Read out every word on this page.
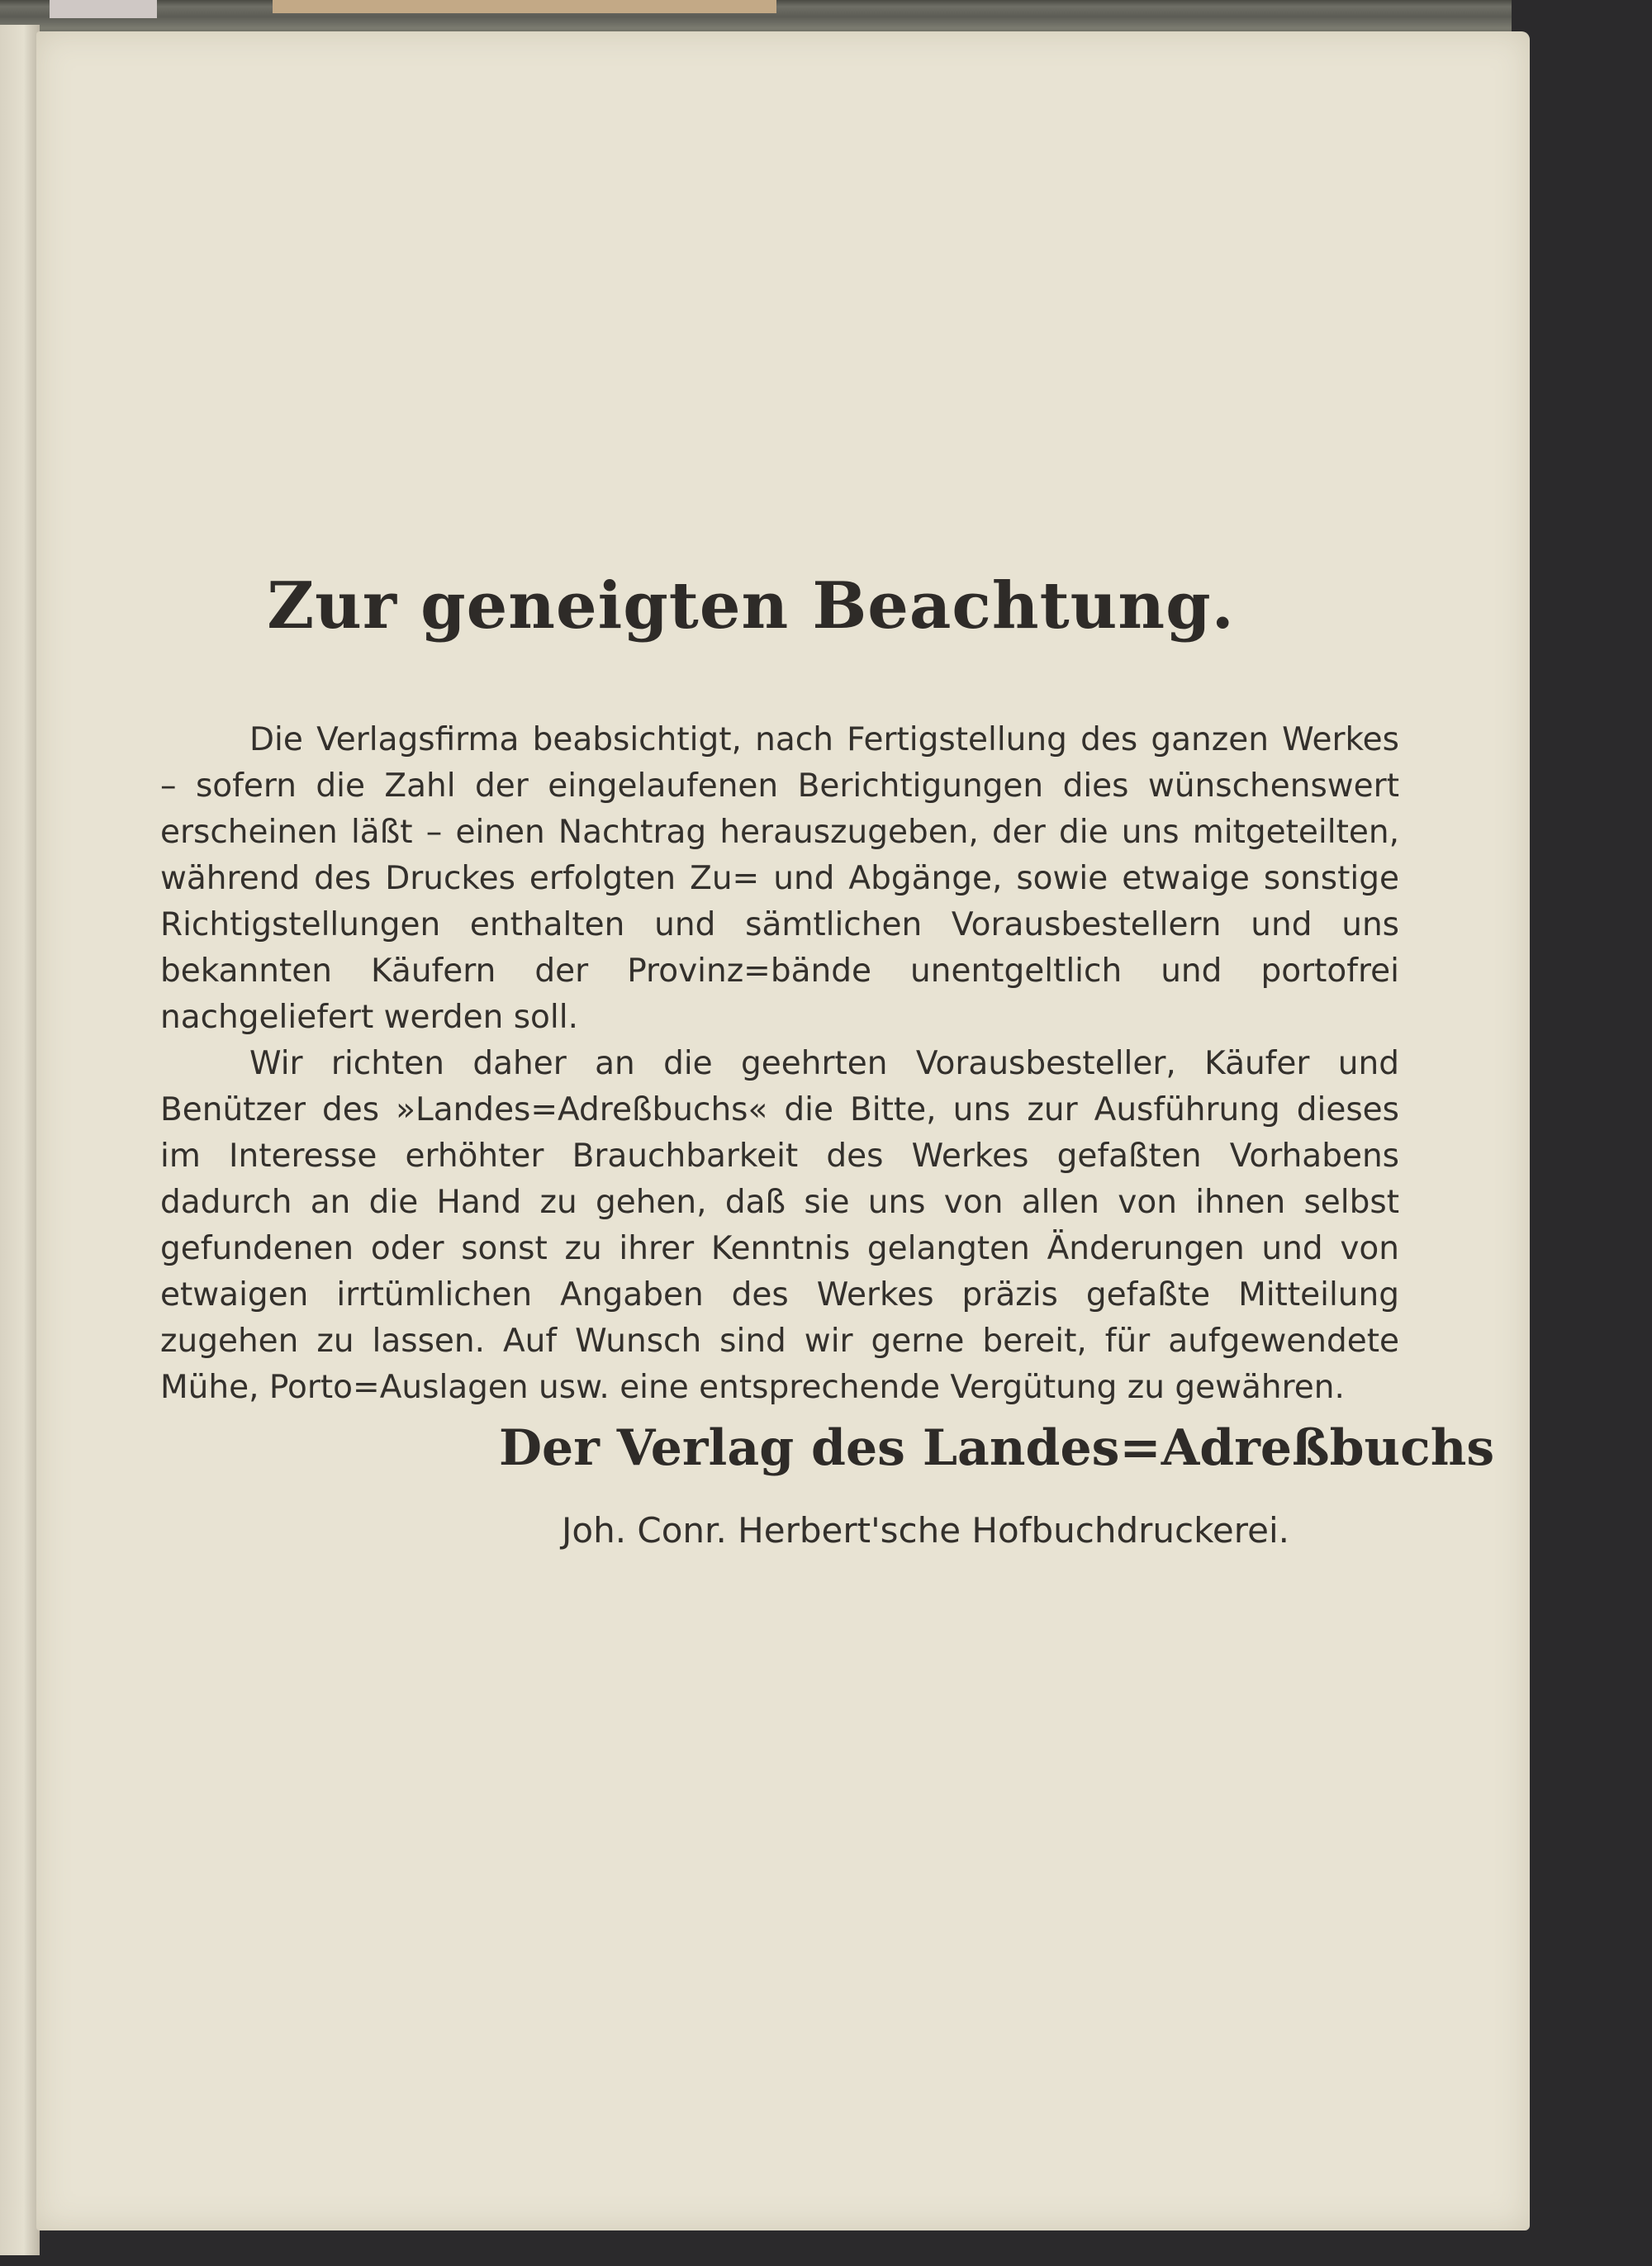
Zur geneigten Beachtung.

Die Verlagsfirma beabsichtigt, nach Fertigstellung des ganzen Werkes – sofern die Zahl der eingelaufenen Berichtigungen dies wünschenswert erscheinen läßt – einen Nachtrag herauszugeben, der die uns mitgeteilten, während des Druckes erfolgten Zu= und Abgänge, sowie etwaige sonstige Richtigstellungen enthalten und sämtlichen Vorausbestellern und uns bekannten Käufern der Provinz=bände unentgeltlich und portofrei nachgeliefert werden soll.

Wir richten daher an die geehrten Vorausbesteller, Käufer und Benützer des »Landes=Adreßbuchs« die Bitte, uns zur Ausführung dieses im Interesse erhöhter Brauchbarkeit des Werkes gefaßten Vorhabens dadurch an die Hand zu gehen, daß sie uns von allen von ihnen selbst gefundenen oder sonst zu ihrer Kenntnis gelangten Änderungen und von etwaigen irrtümlichen Angaben des Werkes präzis gefaßte Mitteilung zugehen zu lassen. Auf Wunsch sind wir gerne bereit, für aufgewendete Mühe, Porto=Auslagen usw. eine entsprechende Vergütung zu gewähren.

Der Verlag des Landes=Adreßbuchs
Joh. Conr. Herbert'sche Hofbuchdruckerei.
